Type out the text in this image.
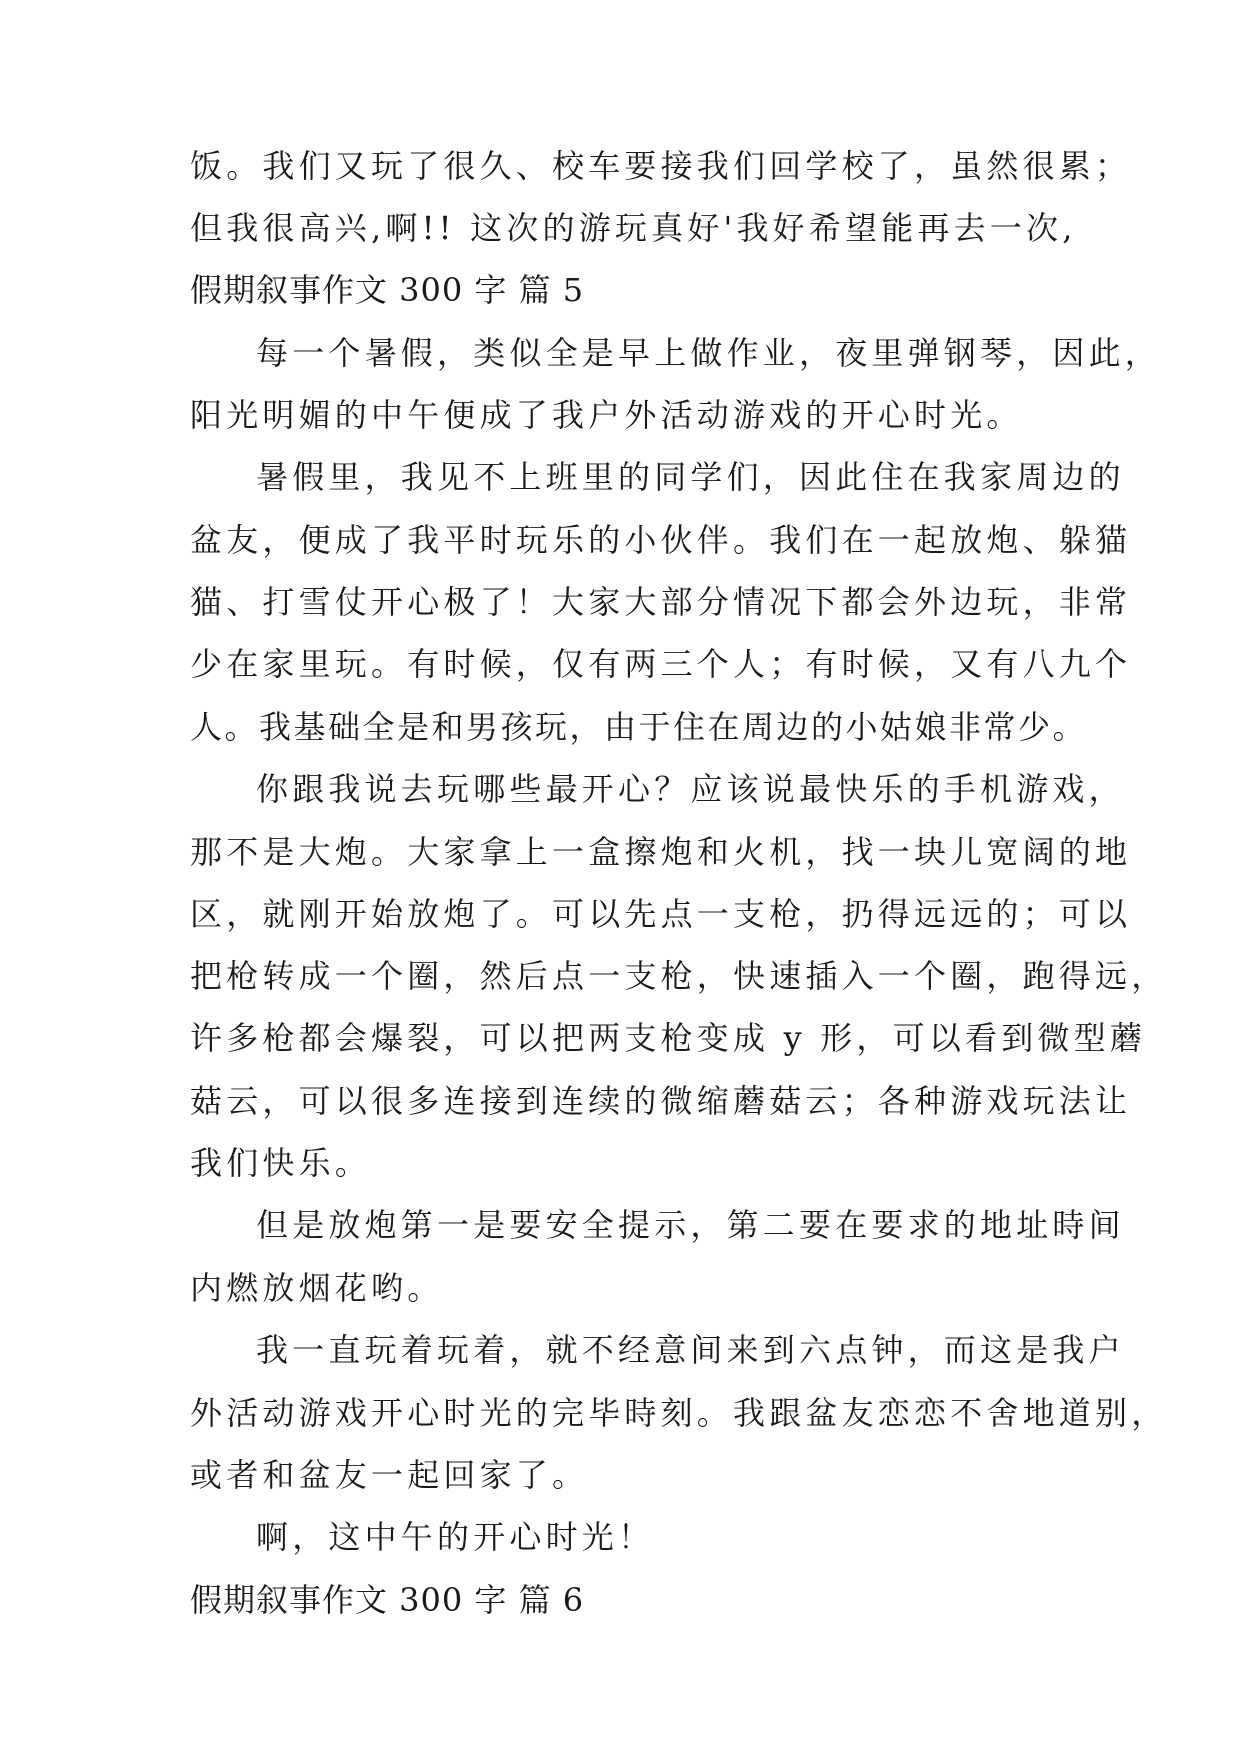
饭。我们又玩了很久、校车要接我们回学校了，虽然很累；

但我很高兴,啊!! 这次的游玩真好'我好希望能再去一次,

假期叙事作文 300 字 篇 5

每一个暑假，类似全是早上做作业，夜里弹钢琴，因此，

阳光明媚的中午便成了我户外活动游戏的开心时光。

暑假里，我见不上班里的同学们，因此住在我家周边的

盆友，便成了我平时玩乐的小伙伴。我们在一起放炮、躲猫

猫、打雪仗开心极了！大家大部分情况下都会外边玩，非常

少在家里玩。有时候，仅有两三个人；有时候，又有八九个

人。我基础全是和男孩玩，由于住在周边的小姑娘非常少。

你跟我说去玩哪些最开心？应该说最快乐的手机游戏，

那不是大炮。大家拿上一盒擦炮和火机，找一块儿宽阔的地

区，就刚开始放炮了。可以先点一支枪，扔得远远的；可以

把枪转成一个圈，然后点一支枪，快速插入一个圈，跑得远，

许多枪都会爆裂，可以把两支枪变成 y 形，可以看到微型蘑

菇云，可以很多连接到连续的微缩蘑菇云；各种游戏玩法让

我们快乐。

但是放炮第一是要安全提示，第二要在要求的地址時间

内燃放烟花哟。

我一直玩着玩着，就不经意间来到六点钟，而这是我户

外活动游戏开心时光的完毕時刻。我跟盆友恋恋不舍地道别，

或者和盆友一起回家了。

啊，这中午的开心时光！

假期叙事作文 300 字 篇 6
